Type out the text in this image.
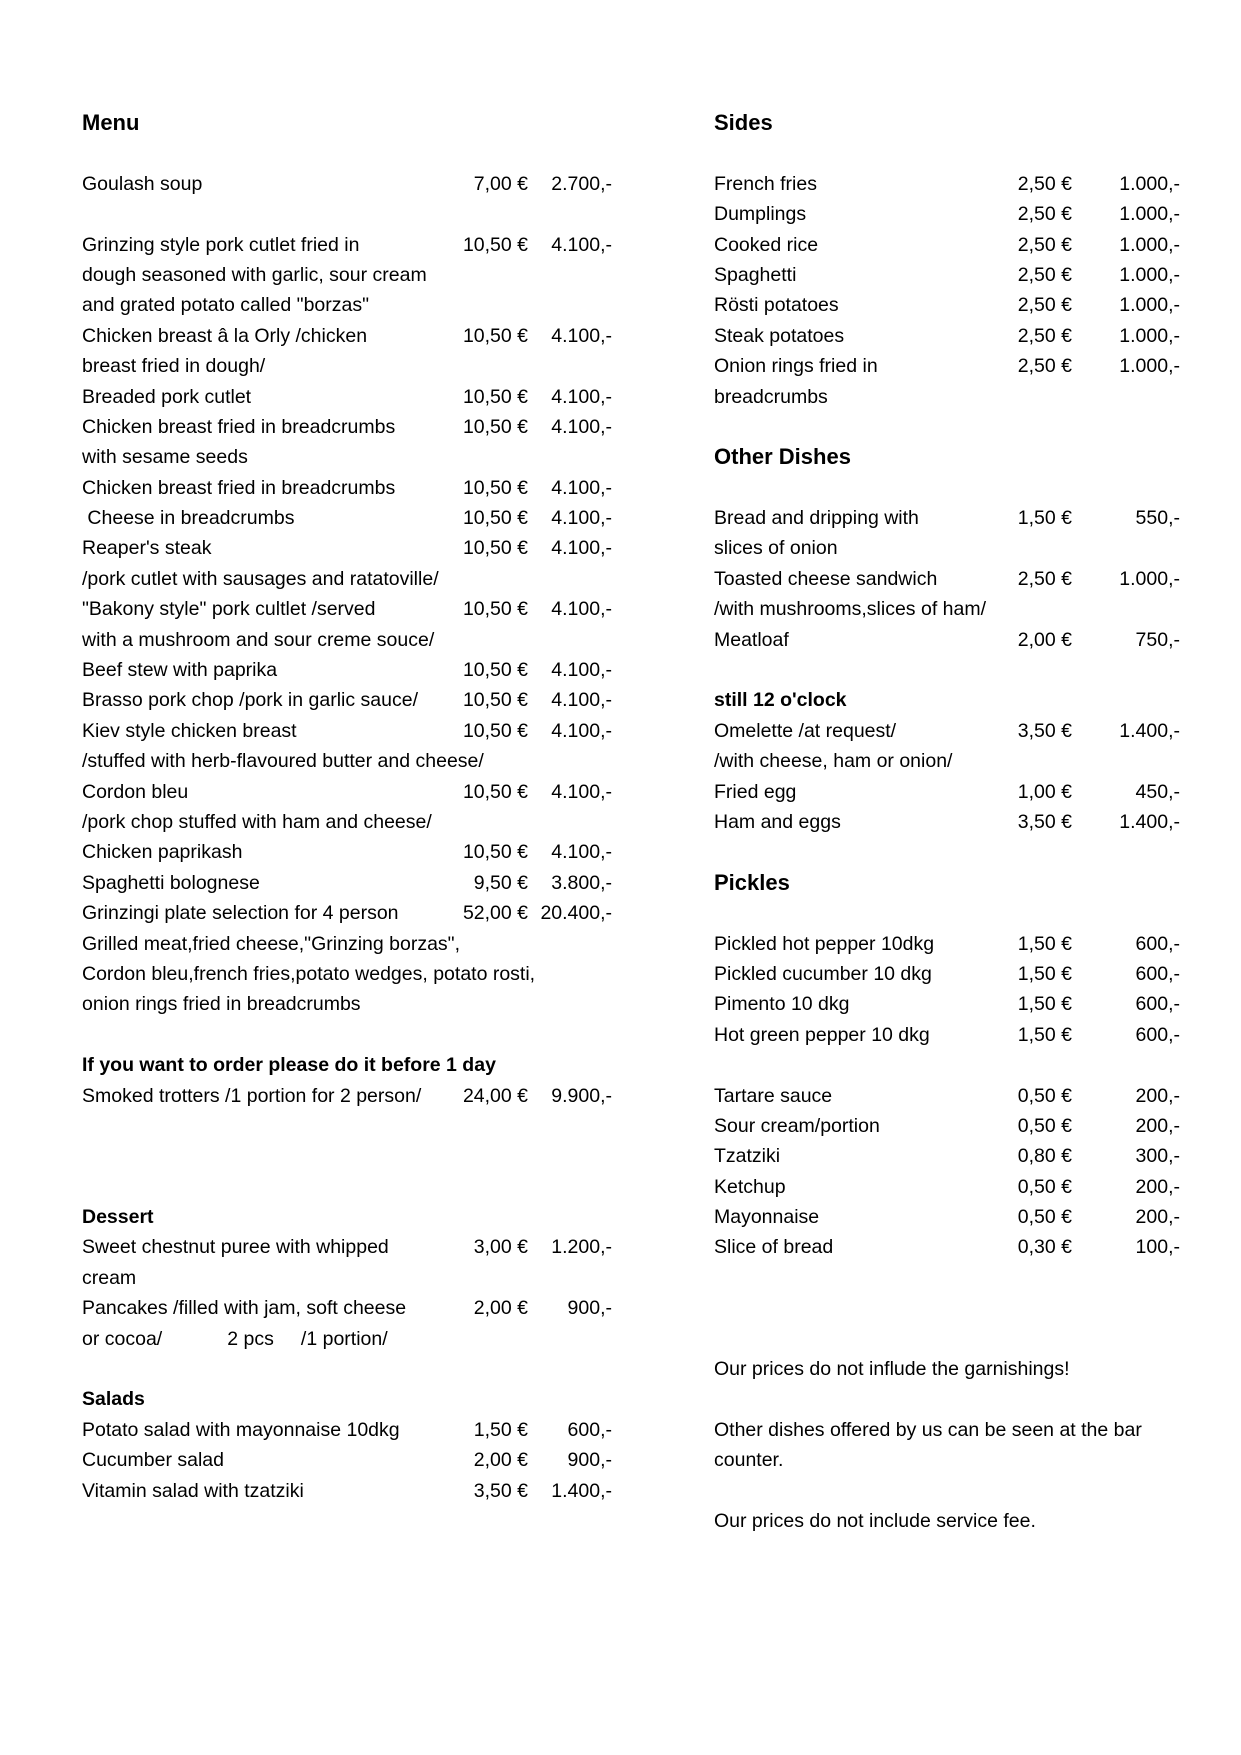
Menu
Goulash soup	7,00 €	2.700,-
Grinzing style pork cutlet fried in	10,50 €	4.100,-
dough seasoned with garlic, sour cream
and grated potato called "borzas"
Chicken breast â la Orly /chicken	10,50 €	4.100,-
breast fried in dough/
Breaded pork cutlet	10,50 €	4.100,-
Chicken breast fried in breadcrumbs	10,50 €	4.100,-
with sesame seeds
Chicken breast fried in breadcrumbs	10,50 €	4.100,-
Cheese in breadcrumbs	10,50 €	4.100,-
Reaper's steak	10,50 €	4.100,-
/pork cutlet with sausages and ratatoville/
"Bakony style" pork cultlet /served	10,50 €	4.100,-
with a mushroom and sour creme souce/
Beef stew with paprika	10,50 €	4.100,-
Brasso pork chop /pork in garlic sauce/	10,50 €	4.100,-
Kiev style chicken breast	10,50 €	4.100,-
/stuffed with herb-flavoured butter and cheese/
Cordon bleu	10,50 €	4.100,-
/pork chop stuffed with ham and cheese/
Chicken paprikash	10,50 €	4.100,-
Spaghetti bolognese	9,50 €	3.800,-
Grinzingi plate selection for 4 person	52,00 € 20.400,-
Grilled meat,fried cheese,"Grinzing borzas",
Cordon bleu,french fries,potato wedges, potato rosti,
onion rings fried in breadcrumbs
If you want to order please do it before 1 day
Smoked trotters /1 portion for 2 person/	24,00 €	9.900,-
Dessert
Sweet chestnut puree with whipped	3,00 €	1.200,-
cream
Pancakes /filled with jam, soft cheese	2,00 €	900,-
or cocoa/            2 pcs     /1 portion/
Salads
Potato salad with mayonnaise 10dkg	1,50 €	600,-
Cucumber salad	2,00 €	900,-
Vitamin salad with tzatziki	3,50 €	1.400,-
Sides
French fries	2,50 €	1.000,-
Dumplings	2,50 €	1.000,-
Cooked rice	2,50 €	1.000,-
Spaghetti	2,50 €	1.000,-
Rösti potatoes	2,50 €	1.000,-
Steak potatoes	2,50 €	1.000,-
Onion rings fried in	2,50 €	1.000,-
breadcrumbs
Other Dishes
Bread and dripping with	1,50 €	550,-
slices of onion
Toasted cheese sandwich	2,50 €	1.000,-
/with mushrooms,slices of ham/
Meatloaf	2,00 €	750,-
still 12 o'clock
Omelette /at request/	3,50 €	1.400,-
/with cheese, ham or onion/
Fried egg	1,00 €	450,-
Ham and eggs	3,50 €	1.400,-
Pickles
Pickled hot pepper 10dkg	1,50 €	600,-
Pickled cucumber 10 dkg	1,50 €	600,-
Pimento 10 dkg	1,50 €	600,-
Hot green pepper 10 dkg	1,50 €	600,-
Tartare sauce	0,50 €	200,-
Sour cream/portion	0,50 €	200,-
Tzatziki	0,80 €	300,-
Ketchup	0,50 €	200,-
Mayonnaise	0,50 €	200,-
Slice of bread	0,30 €	100,-
Our prices do not influde the garnishings!
Other dishes offered by us can be seen at the bar
counter.
Our prices do not include service fee.
